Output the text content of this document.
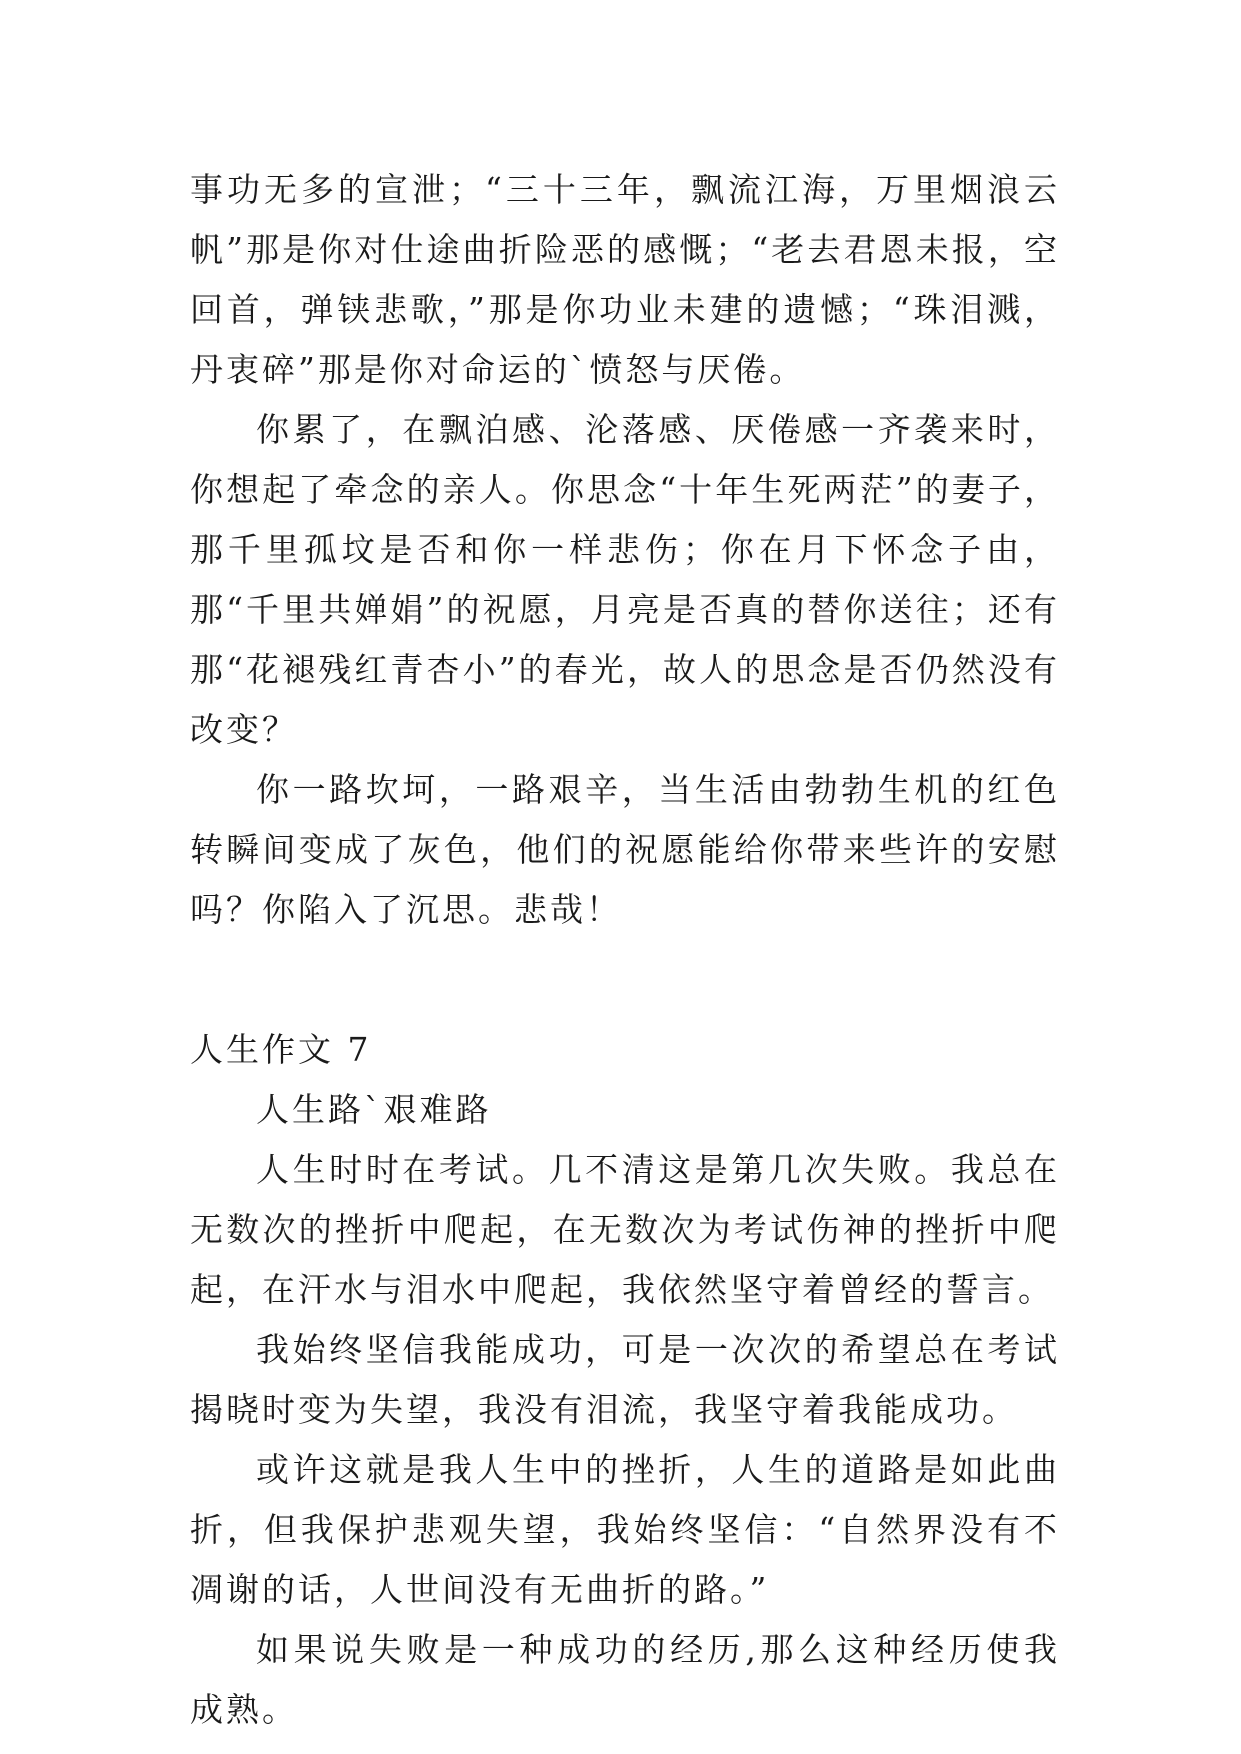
事功无多的宣泄；“三十三年，飘流江海，万里烟浪云帆”那是你对仕途曲折险恶的感慨；“老去君恩未报，空回首，弹铗悲歌，”那是你功业未建的遗憾；“珠泪溅，丹衷碎”那是你对命运的`愤怒与厌倦。

你累了，在飘泊感、沦落感、厌倦感一齐袭来时，你想起了牵念的亲人。你思念“十年生死两茫”的妻子，那千里孤坟是否和你一样悲伤；你在月下怀念子由，那“千里共婵娟”的祝愿，月亮是否真的替你送往；还有那“花褪残红青杏小”的春光，故人的思念是否仍然没有改变？

你一路坎坷，一路艰辛，当生活由勃勃生机的红色转瞬间变成了灰色，他们的祝愿能给你带来些许的安慰吗？你陷入了沉思。悲哉！

人生作文 7
人生路`艰难路

人生时时在考试。几不清这是第几次失败。我总在无数次的挫折中爬起，在无数次为考试伤神的挫折中爬起，在汗水与泪水中爬起，我依然坚守着曾经的誓言。

我始终坚信我能成功，可是一次次的希望总在考试揭晓时变为失望，我没有泪流，我坚守着我能成功。

或许这就是我人生中的挫折，人生的道路是如此曲折，但我保护悲观失望，我始终坚信：“自然界没有不凋谢的话，人世间没有无曲折的路。”

如果说失败是一种成功的经历,那么这种经历使我成熟。
